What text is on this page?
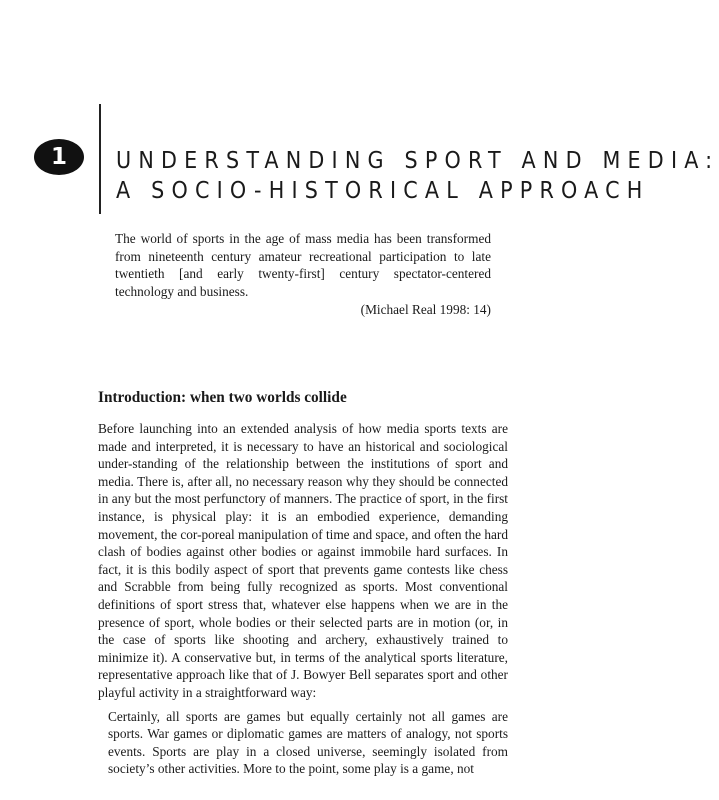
1	UNDERSTANDING SPORT AND MEDIA:
A SOCIO-HISTORICAL APPROACH

The world of sports in the age of mass media has been transformed from nineteenth century amateur recreational participation to late twentieth [and early twenty-first] century spectator-centered technology and business.

(Michael Real 1998: 14)

Introduction: when two worlds collide

Before launching into an extended analysis of how media sports texts are made and interpreted, it is necessary to have an historical and sociological under-standing of the relationship between the institutions of sport and media. There is, after all, no necessary reason why they should be connected in any but the most perfunctory of manners. The practice of sport, in the first instance, is physical play: it is an embodied experience, demanding movement, the cor-poreal manipulation of time and space, and often the hard clash of bodies against other bodies or against immobile hard surfaces. In fact, it is this bodily aspect of sport that prevents game contests like chess and Scrabble from being fully recognized as sports. Most conventional definitions of sport stress that, whatever else happens when we are in the presence of sport, whole bodies or their selected parts are in motion (or, in the case of sports like shooting and archery, exhaustively trained to minimize it). A conservative but, in terms of the analytical sports literature, representative approach like that of J. Bowyer Bell separates sport and other playful activity in a straightforward way:

Certainly, all sports are games but equally certainly not all games are sports. War games or diplomatic games are matters of analogy, not sports events. Sports are play in a closed universe, seemingly isolated from society’s other activities. More to the point, some play is a game, not
